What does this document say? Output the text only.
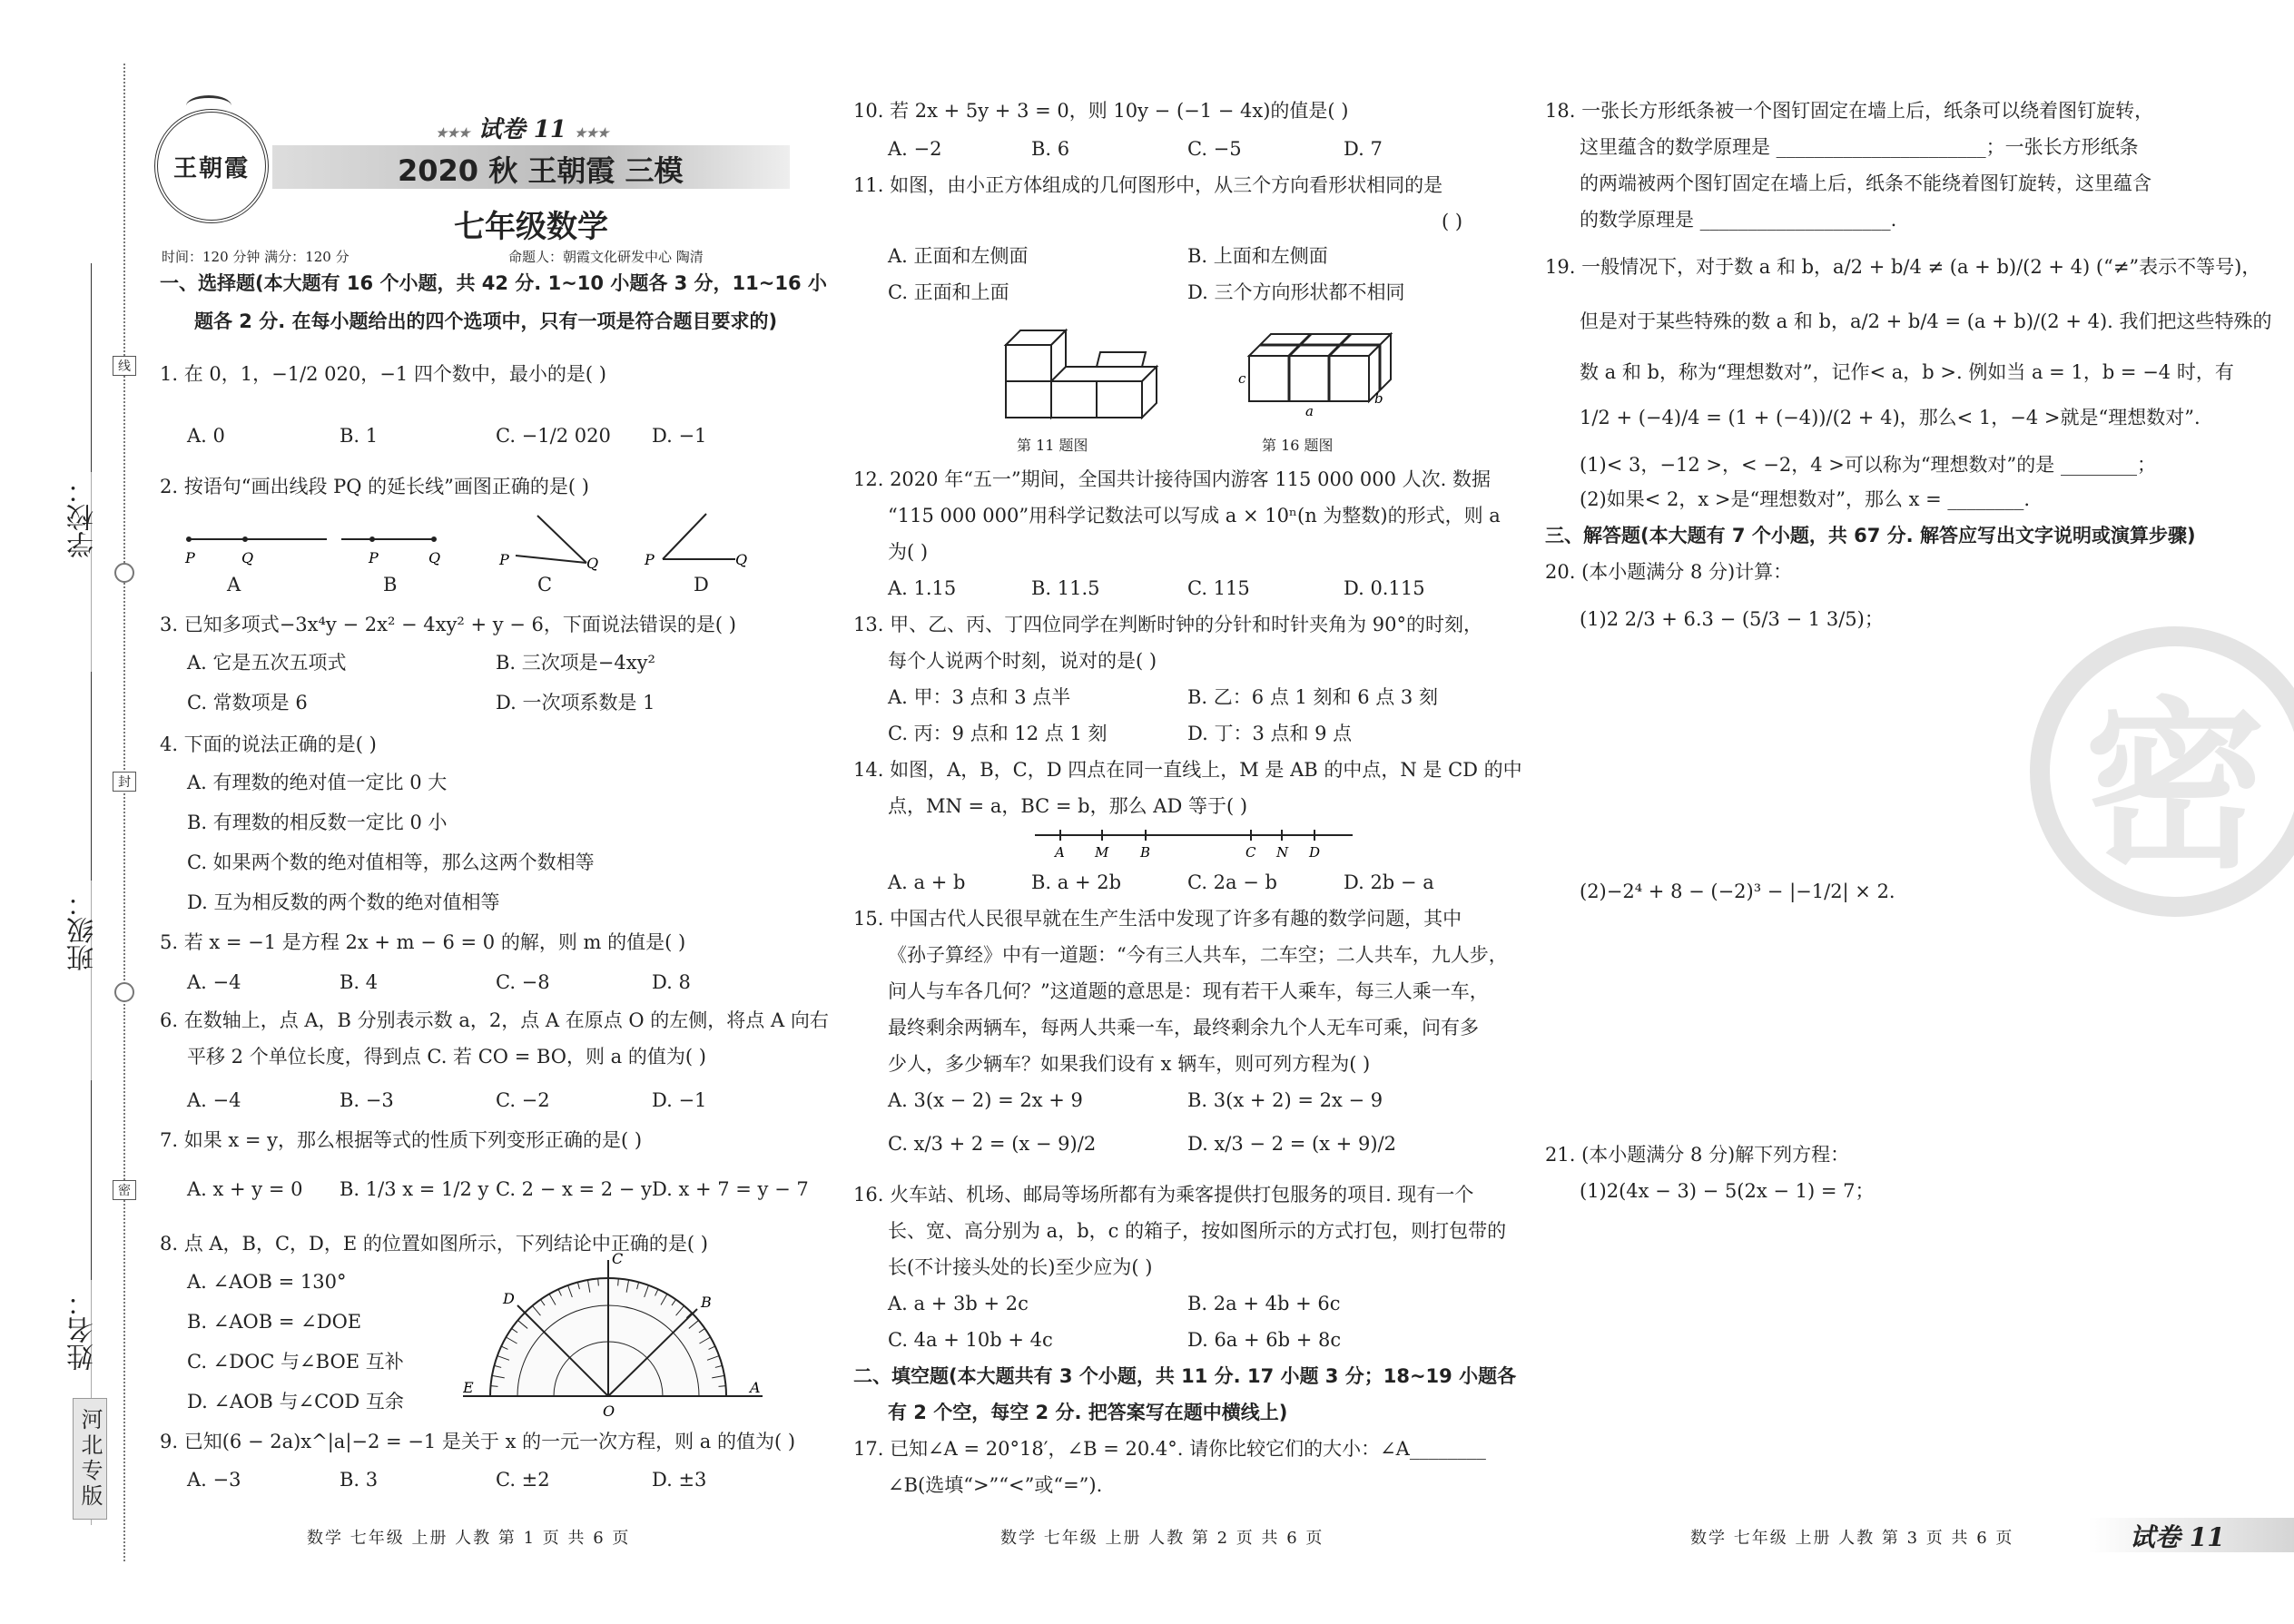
线
封
密
学校：
班级：
姓名：
河北专版
王朝霞
★★★ 试卷 11 ★★★
2020 秋 王朝霞 三模
七年级数学
时间：120 分钟 满分：120 分	命题人：朝霞文化研发中心 陶清
一、选择题(本大题有 16 个小题，共 42 分. 1~10 小题各 3 分，11~16 小
题各 2 分. 在每小题给出的四个选项中，只有一项是符合题目要求的)
1. 在 0，1，−1/2 020，−1 四个数中，最小的是( )
A. 0	B. 1	C. −1/2 020 D. −1
2. 按语句“画出线段 PQ 的延长线”画图正确的是( )
P	Q	P	Q	P	Q	P	Q
A	B	C	D
3. 已知多项式−3x⁴y − 2x² − 4xy² + y − 6，下面说法错误的是( )
A. 它是五次五项式	B. 三次项是−4xy²
C. 常数项是 6	D. 一次项系数是 1
4. 下面的说法正确的是( )
A. 有理数的绝对值一定比 0 大
B. 有理数的相反数一定比 0 小
C. 如果两个数的绝对值相等，那么这两个数相等
D. 互为相反数的两个数的绝对值相等
5. 若 x = −1 是方程 2x + m − 6 = 0 的解，则 m 的值是( )
A. −4	B. 4	C. −8	D. 8
6. 在数轴上，点 A，B 分别表示数 a，2，点 A 在原点 O 的左侧，将点 A 向右
平移 2 个单位长度，得到点 C. 若 CO = BO，则 a 的值为( )
A. −4	B. −3	C. −2	D. −1
7. 如果 x = y，那么根据等式的性质下列变形正确的是( )
A. x + y = 0 B. 1/3 x = 1/2 y C. 2 − x = 2 − y D. x + 7 = y − 7
8. 点 A，B，C，D，E 的位置如图所示，下列结论中正确的是( )
A. ∠AOB = 130°
B. ∠AOB = ∠DOE
C. ∠DOC 与∠BOE 互补
D. ∠AOB 与∠COD 互余
C
D	B
E
O
A
9. 已知(6 − 2a)x^|a|−2 = −1 是关于 x 的一元一次方程，则 a 的值为( )
A. −3	B. 3	C. ±2	D. ±3
数学 七年级 上册 人教 第 1 页 共 6 页
10. 若 2x + 5y + 3 = 0，则 10y − (−1 − 4x)的值是( )
A. −2	B. 6	C. −5	D. 7
11. 如图，由小正方体组成的几何图形中，从三个方向看形状相同的是
( )
A. 正面和左侧面	B. 上面和左侧面
C. 正面和上面	D. 三个方向形状都不相同
第 11 题图
a
b
c
第 16 题图
12. 2020 年“五一”期间，全国共计接待国内游客 115 000 000 人次. 数据
“115 000 000”用科学记数法可以写成 a × 10ⁿ(n 为整数)的形式，则 a
为( )
A. 1.15	B. 11.5	C. 115	D. 0.115
13. 甲、乙、丙、丁四位同学在判断时钟的分针和时针夹角为 90°的时刻，
每个人说两个时刻，说对的是( )
A. 甲：3 点和 3 点半	B. 乙：6 点 1 刻和 6 点 3 刻
C. 丙：9 点和 12 点 1 刻	D. 丁：3 点和 9 点
14. 如图，A，B，C，D 四点在同一直线上，M 是 AB 的中点，N 是 CD 的中
点，MN = a，BC = b，那么 AD 等于( )
A M B	C N D
A. a + b	B. a + 2b	C. 2a − b	D. 2b − a
15. 中国古代人民很早就在生产生活中发现了许多有趣的数学问题，其中
《孙子算经》中有一道题：“今有三人共车，二车空；二人共车，九人步，
问人与车各几何？”这道题的意思是：现有若干人乘车，每三人乘一车，
最终剩余两辆车，每两人共乘一车，最终剩余九个人无车可乘，问有多
少人，多少辆车？如果我们设有 x 辆车，则可列方程为( )
A. 3(x − 2) = 2x + 9	B. 3(x + 2) = 2x − 9
C. x/3 + 2 = (x − 9)/2	D. x/3 − 2 = (x + 9)/2
16. 火车站、机场、邮局等场所都有为乘客提供打包服务的项目. 现有一个
长、宽、高分别为 a，b，c 的箱子，按如图所示的方式打包，则打包带的
长(不计接头处的长)至少应为( )
A. a + 3b + 2c	B. 2a + 4b + 6c
C. 4a + 10b + 4c	D. 6a + 6b + 8c
二、填空题(本大题共有 3 个小题，共 11 分. 17 小题 3 分；18~19 小题各
有 2 个空，每空 2 分. 把答案写在题中横线上)
17. 已知∠A = 20°18′，∠B = 20.4°. 请你比较它们的大小：∠A________
∠B(选填“>”“<”或“=”).
数学 七年级 上册 人教 第 2 页 共 6 页
密
18. 一张长方形纸条被一个图钉固定在墙上后，纸条可以绕着图钉旋转，
这里蕴含的数学原理是 ______________________；一张长方形纸条
的两端被两个图钉固定在墙上后，纸条不能绕着图钉旋转，这里蕴含
的数学原理是 ____________________.
19. 一般情况下，对于数 a 和 b，a/2 + b/4 ≠ (a + b)/(2 + 4) (“≠”表示不等号)，
但是对于某些特殊的数 a 和 b，a/2 + b/4 = (a + b)/(2 + 4). 我们把这些特殊的
数 a 和 b，称为“理想数对”，记作< a，b >. 例如当 a = 1，b = −4 时，有
1/2 + (−4)/4 = (1 + (−4))/(2 + 4)，那么< 1，−4 >就是“理想数对”.
(1)< 3，−12 >，< −2，4 >可以称为“理想数对”的是 ________；
(2)如果< 2，x >是“理想数对”，那么 x = ________.
三、解答题(本大题有 7 个小题，共 67 分. 解答应写出文字说明或演算步骤)
20. (本小题满分 8 分)计算：
(1)2 2/3 + 6.3 − (5/3 − 1 3/5)；
(2)−2⁴ + 8 − (−2)³ − |−1/2| × 2.
21. (本小题满分 8 分)解下列方程：
(1)2(4x − 3) − 5(2x − 1) = 7；
数学 七年级 上册 人教 第 3 页 共 6 页	试卷 11
